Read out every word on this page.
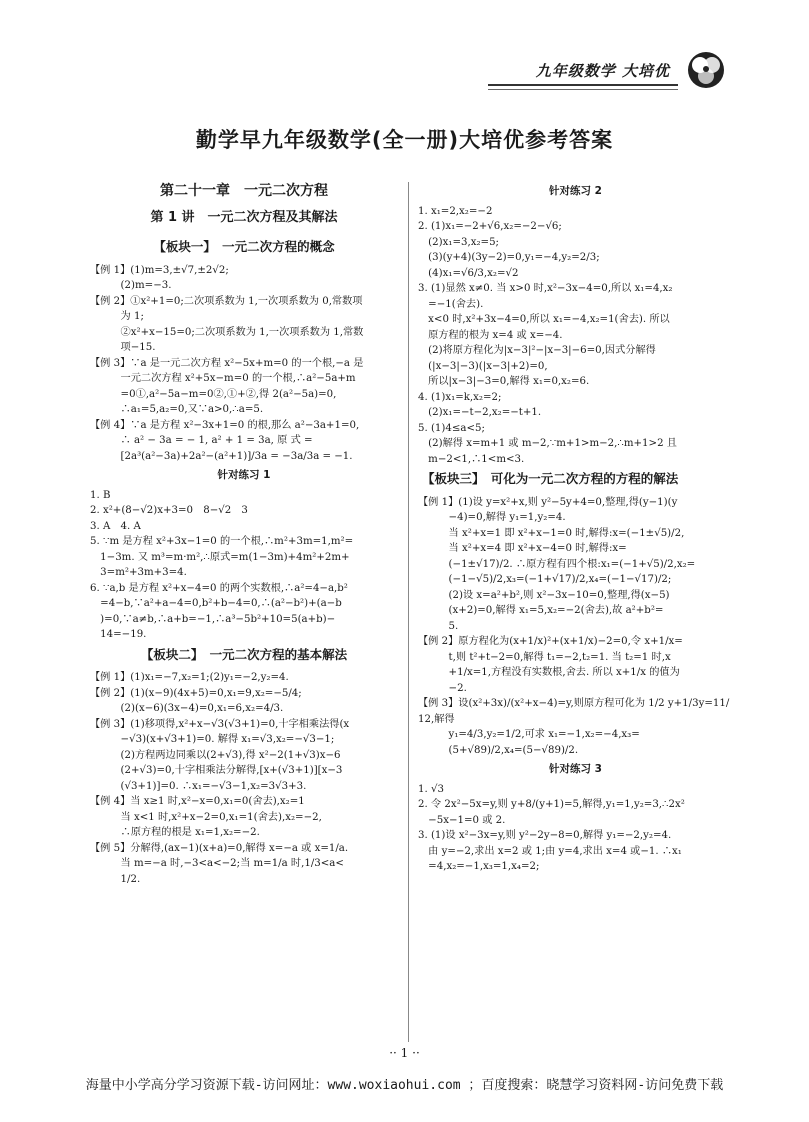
九年级数学 大培优
勤学早九年级数学(全一册)大培优参考答案
第二十一章　一元二次方程
第 1 讲　一元二次方程及其解法
【板块一】　一元二次方程的概念
【例 1】(1)m=3,±√7,±2√2;
　　　(2)m=−3.
【例 2】①x²+1=0;二次项系数为 1,一次项系数为 0,常数项
　　　为 1;
　　　②x²+x−15=0;二次项系数为 1,一次项系数为 1,常数
　　　项−15.
【例 3】∵a 是一元二次方程 x²−5x+m=0 的一个根,−a 是
　　　一元二次方程 x²+5x−m=0 的一个根,∴a²−5a+m
　　　=0①,a²−5a−m=0②,①+②,得 2(a²−5a)=0,
　　　∴a₁=5,a₂=0,又∵a>0,∴a=5.
【例 4】∵a 是方程 x²−3x+1=0 的根,那么 a²−3a+1=0,
　　　∴ a² − 3a = − 1, a² + 1 = 3a, 原 式 =
　　　[2a³(a²−3a)+2a²−(a²+1)]/3a = −3a/3a = −1.
针对练习 1
1. B
2. x²+(8−√2)x+3=0　8−√2　3
3. A　4. A
5. ∵m 是方程 x²+3x−1=0 的一个根,∴m²+3m=1,m²=
　1−3m. 又 m³=m·m²,∴原式=m(1−3m)+4m²+2m+
　3=m²+3m+3=4.
6. ∵a,b 是方程 x²+x−4=0 的两个实数根,∴a²=4−a,b²
　=4−b,∵a²+a−4=0,b²+b−4=0,∴(a²−b²)+(a−b
　)=0,∵a≠b,∴a+b=−1,∴a³−5b²+10=5(a+b)−
　14=−19.
【板块二】　一元二次方程的基本解法
【例 1】(1)x₁=−7,x₂=1;(2)y₁=−2,y₂=4.
【例 2】(1)(x−9)(4x+5)=0,x₁=9,x₂=−5/4;
　　　(2)(x−6)(3x−4)=0,x₁=6,x₂=4/3.
【例 3】(1)移项得,x²+x−√3(√3+1)=0,十字相乘法得(x
　　　−√3)(x+√3+1)=0. 解得 x₁=√3,x₂=−√3−1;
　　　(2)方程两边同乘以(2+√3),得 x²−2(1+√3)x−6
　　　(2+√3)=0,十字相乘法分解得,[x+(√3+1)][x−3
　　　(√3+1)]=0. ∴x₁=−√3−1,x₂=3√3+3.
【例 4】当 x≥1 时,x²−x=0,x₁=0(舍去),x₂=1
　　　当 x<1 时,x²+x−2=0,x₁=1(舍去),x₂=−2,
　　　∴原方程的根是 x₁=1,x₂=−2.
【例 5】分解得,(ax−1)(x+a)=0,解得 x=−a 或 x=1/a.
　　　当 m=−a 时,−3<a<−2;当 m=1/a 时,1/3<a<
　　　1/2.
针对练习 2
1. x₁=2,x₂=−2
2. (1)x₁=−2+√6,x₂=−2−√6;
　(2)x₁=3,x₂=5;
　(3)(y+4)(3y−2)=0,y₁=−4,y₂=2/3;
　(4)x₁=√6/3,x₂=√2
3. (1)显然 x≠0. 当 x>0 时,x²−3x−4=0,所以 x₁=4,x₂
　=−1(舍去).
　x<0 时,x²+3x−4=0,所以 x₁=−4,x₂=1(舍去). 所以
　原方程的根为 x=4 或 x=−4.
　(2)将原方程化为|x−3|²−|x−3|−6=0,因式分解得
　(|x−3|−3)(|x−3|+2)=0,
　所以|x−3|−3=0,解得 x₁=0,x₂=6.
4. (1)x₁=k,x₂=2;
　(2)x₁=−t−2,x₂=−t+1.
5. (1)4≤a<5;
　(2)解得 x=m+1 或 m−2,∵m+1>m−2,∴m+1>2 且
　m−2<1,∴1<m<3.
【板块三】　可化为一元二次方程的方程的解法
【例 1】(1)设 y=x²+x,则 y²−5y+4=0,整理,得(y−1)(y
　　　−4)=0,解得 y₁=1,y₂=4.
　　　当 x²+x=1 即 x²+x−1=0 时,解得:x=(−1±√5)/2,
　　　当 x²+x=4 即 x²+x−4=0 时,解得:x=
　　　(−1±√17)/2. ∴原方程有四个根:x₁=(−1+√5)/2,x₂=
　　　(−1−√5)/2,x₃=(−1+√17)/2,x₄=(−1−√17)/2;
　　　(2)设 x=a²+b²,则 x²−3x−10=0,整理,得(x−5)
　　　(x+2)=0,解得 x₁=5,x₂=−2(舍去),故 a²+b²=
　　　5.
【例 2】原方程化为(x+1/x)²+(x+1/x)−2=0,令 x+1/x=
　　　t,则 t²+t−2=0,解得 t₁=−2,t₂=1. 当 t₂=1 时,x
　　　+1/x=1,方程没有实数根,舍去. 所以 x+1/x 的值为
　　　−2.
【例 3】设(x²+3x)/(x²+x−4)=y,则原方程可化为 1/2 y+1/3y=11/12,解得
　　　y₁=4/3,y₂=1/2,可求 x₁=−1,x₂=−4,x₃=
　　　(5+√89)/2,x₄=(5−√89)/2.
针对练习 3
1. √3
2. 令 2x²−5x=y,则 y+8/(y+1)=5,解得,y₁=1,y₂=3,∴2x²
　−5x−1=0 或 2.
3. (1)设 x²−3x=y,则 y²−2y−8=0,解得 y₁=−2,y₂=4.
　由 y=−2,求出 x=2 或 1;由 y=4,求出 x=4 或−1. ∴x₁
　=4,x₂=−1,x₃=1,x₄=2;
·· 1 ··
海量中小学高分学习资源下载-访问网址：www.woxiaohui.com ；百度搜索：晓慧学习资料网-访问免费下载
